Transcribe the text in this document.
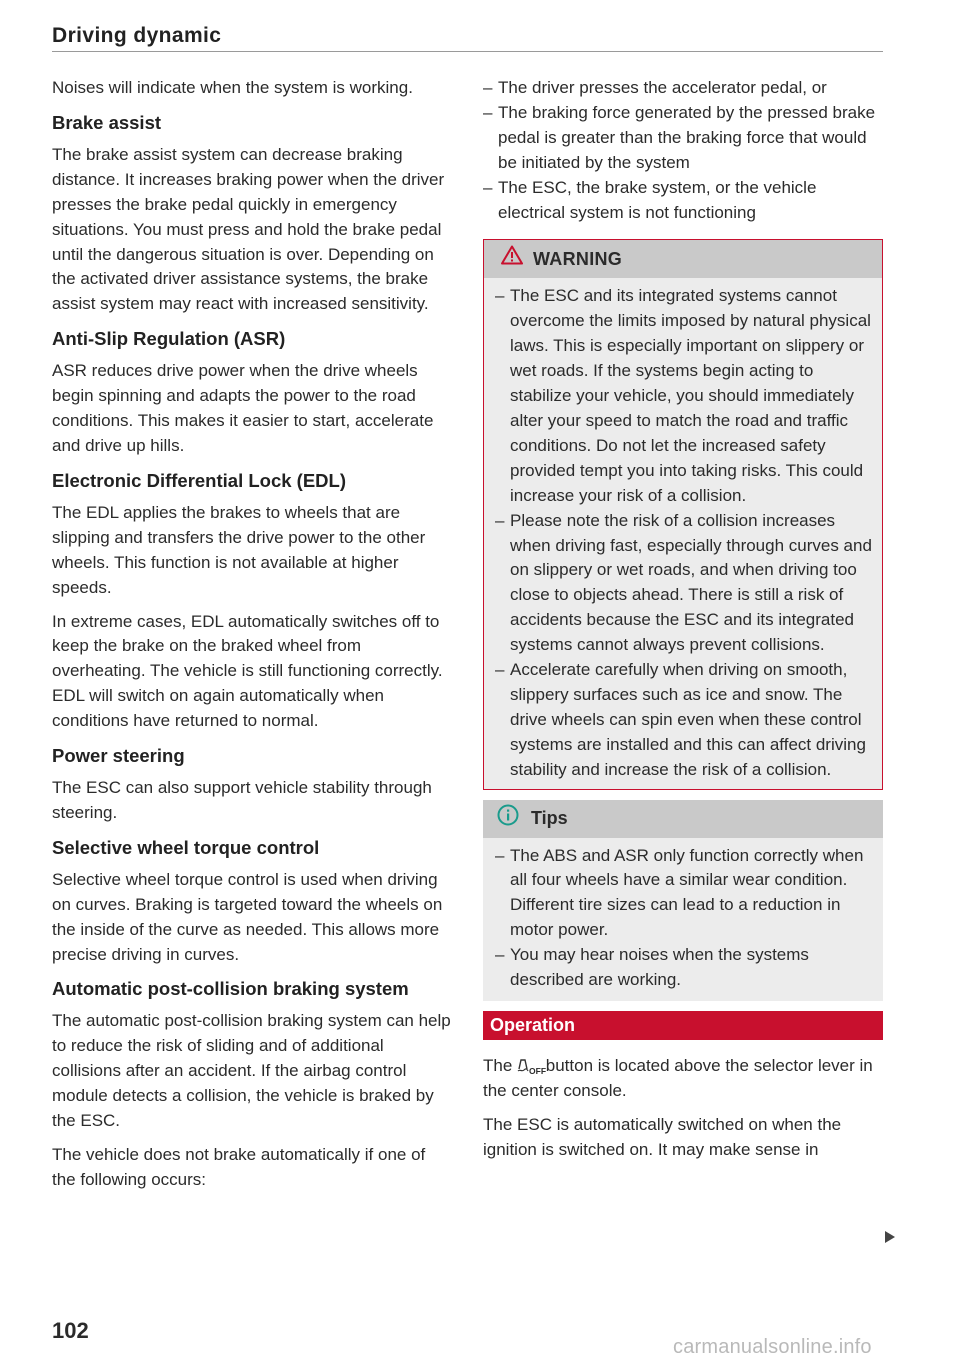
Driving dynamic

Noises will indicate when the system is working.

Brake assist

The brake assist system can decrease braking distance. It increases braking power when the driver presses the brake pedal quickly in emergency situations. You must press and hold the brake pedal until the dangerous situation is over. Depending on the activated driver assistance systems, the brake assist system may react with increased sensitivity.

Anti-Slip Regulation (ASR)

ASR reduces drive power when the drive wheels begin spinning and adapts the power to the road conditions. This makes it easier to start, accelerate and drive up hills.

Electronic Differential Lock (EDL)

The EDL applies the brakes to wheels that are slipping and transfers the drive power to the other wheels. This function is not available at higher speeds.

In extreme cases, EDL automatically switches off to keep the brake on the braked wheel from overheating. The vehicle is still functioning correctly. EDL will switch on again automatically when conditions have returned to normal.

Power steering

The ESC can also support vehicle stability through steering.

Selective wheel torque control

Selective wheel torque control is used when driving on curves. Braking is targeted toward the wheels on the inside of the curve as needed. This allows more precise driving in curves.

Automatic post-collision braking system

The automatic post-collision braking system can help to reduce the risk of sliding and of additional collisions after an accident. If the airbag control module detects a collision, the vehicle is braked by the ESC.

The vehicle does not brake automatically if one of the following occurs:

– The driver presses the accelerator pedal, or
– The braking force generated by the pressed brake pedal is greater than the braking force that would be initiated by the system
– The ESC, the brake system, or the vehicle electrical system is not functioning
WARNING
– The ESC and its integrated systems cannot overcome the limits imposed by natural physical laws. This is especially important on slippery or wet roads. If the systems begin acting to stabilize your vehicle, you should immediately alter your speed to match the road and traffic conditions. Do not let the increased safety provided tempt you into taking risks. This could increase your risk of a collision.
– Please note the risk of a collision increases when driving fast, especially through curves and on slippery or wet roads, and when driving too close to objects ahead. There is still a risk of accidents because the ESC and its integrated systems cannot always prevent collisions.
– Accelerate carefully when driving on smooth, slippery surfaces such as ice and snow. The drive wheels can spin even when these control systems are installed and this can affect driving stability and increase the risk of a collision.
Tips
– The ABS and ASR only function correctly when all four wheels have a similar wear condition. Different tire sizes can lead to a reduction in motor power.
– You may hear noises when the systems described are working.
Operation

The OFF button is located above the selector lever in the center console.

The ESC is automatically switched on when the ignition is switched on. It may make sense in

102
carmanualsonline.info
